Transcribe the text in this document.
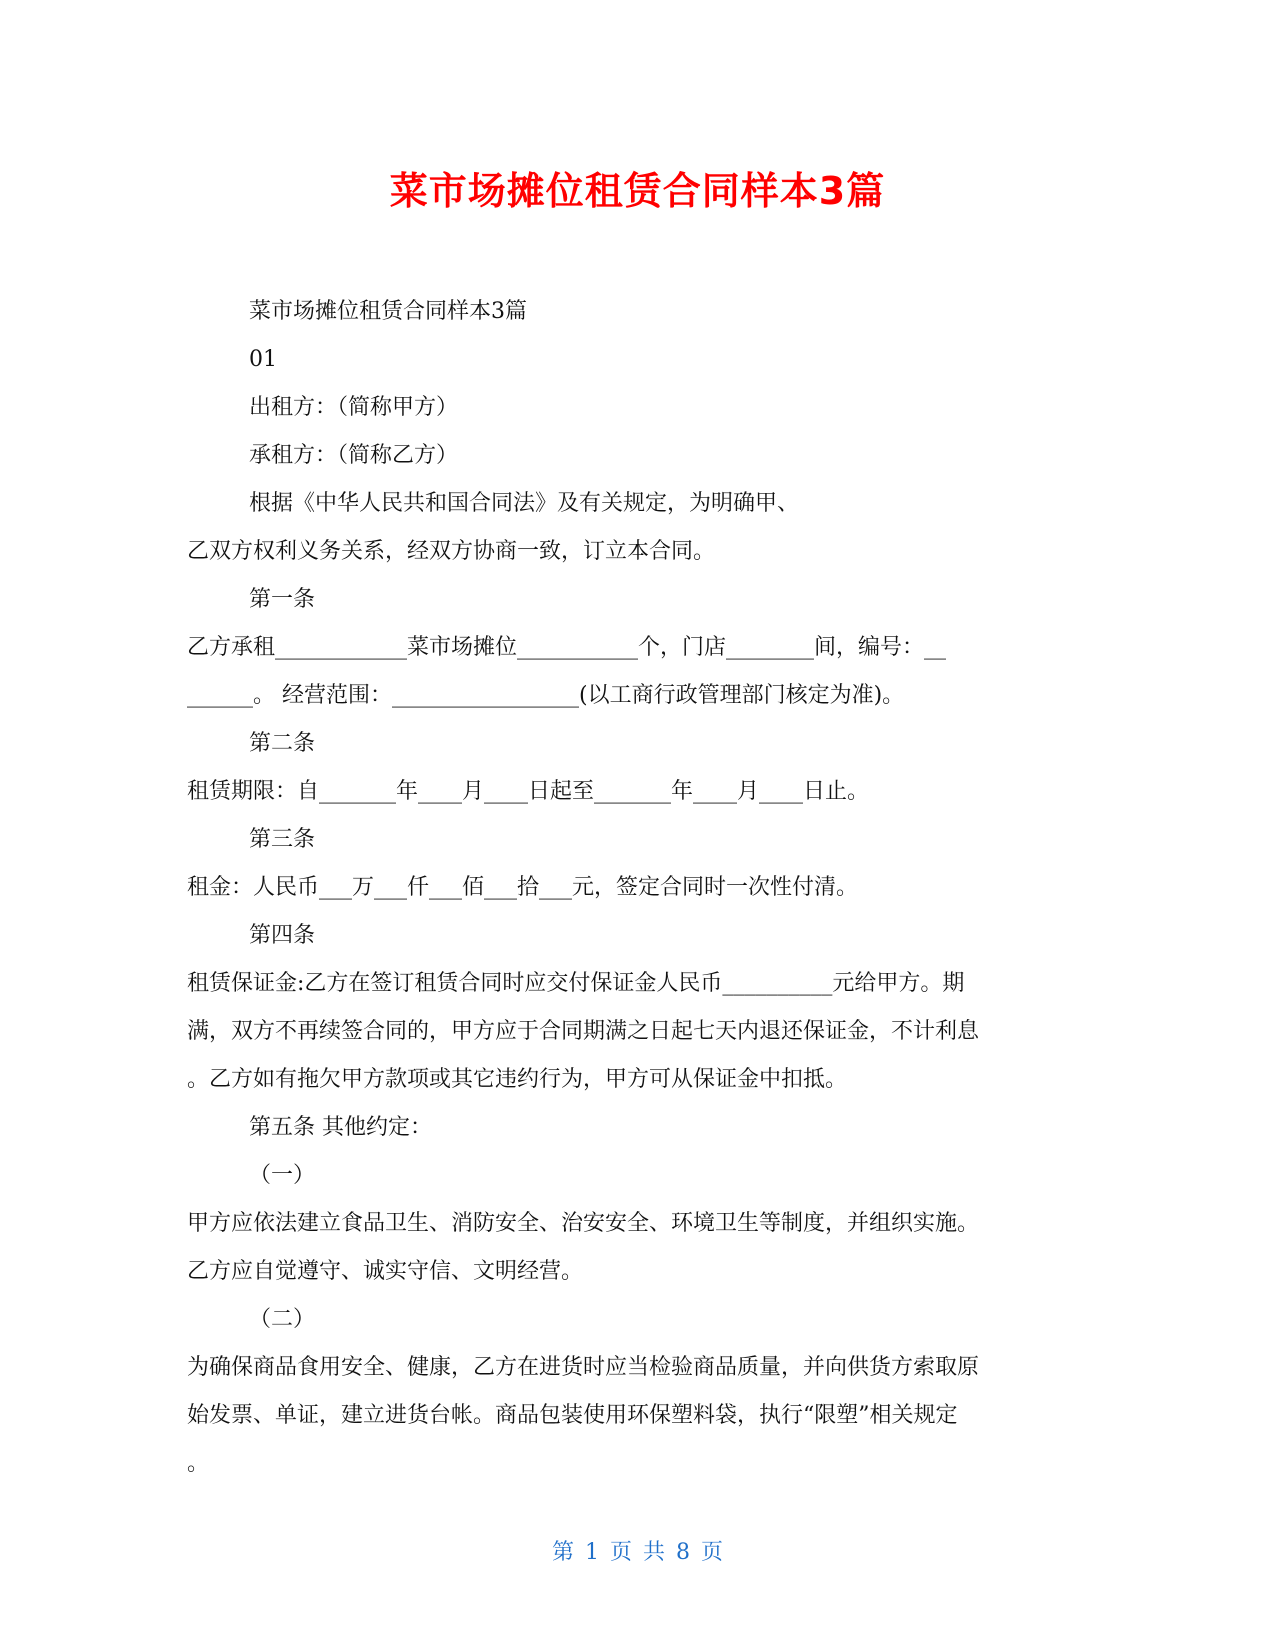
菜市场摊位租赁合同样本3篇

菜市场摊位租赁合同样本3篇

01

出租方：（简称甲方）

承租方：（简称乙方）

根据《中华人民共和国合同法》及有关规定，为明确甲、

乙双方权利义务关系，经双方协商一致，订立本合同。

第一条

乙方承租____________菜市场摊位___________个，门店________间，编号：__

______。 经营范围：_________________(以工商行政管理部门核定为准)。

第二条

租赁期限：自_______年____月____日起至_______年____月____日止。

第三条

租金：人民币___万___仟___佰___拾___元，签定合同时一次性付清。

第四条

租赁保证金:乙方在签订租赁合同时应交付保证金人民币__________元给甲方。期

满，双方不再续签合同的，甲方应于合同期满之日起七天内退还保证金，不计利息

。乙方如有拖欠甲方款项或其它违约行为，甲方可从保证金中扣抵。

第五条 其他约定：

（一）

甲方应依法建立食品卫生、消防安全、治安安全、环境卫生等制度，并组织实施。

乙方应自觉遵守、诚实守信、文明经营。

（二）

为确保商品食用安全、健康，乙方在进货时应当检验商品质量，并向供货方索取原

始发票、单证，建立进货台帐。商品包装使用环保塑料袋，执行“限塑”相关规定

。

第 1 页 共 8 页
